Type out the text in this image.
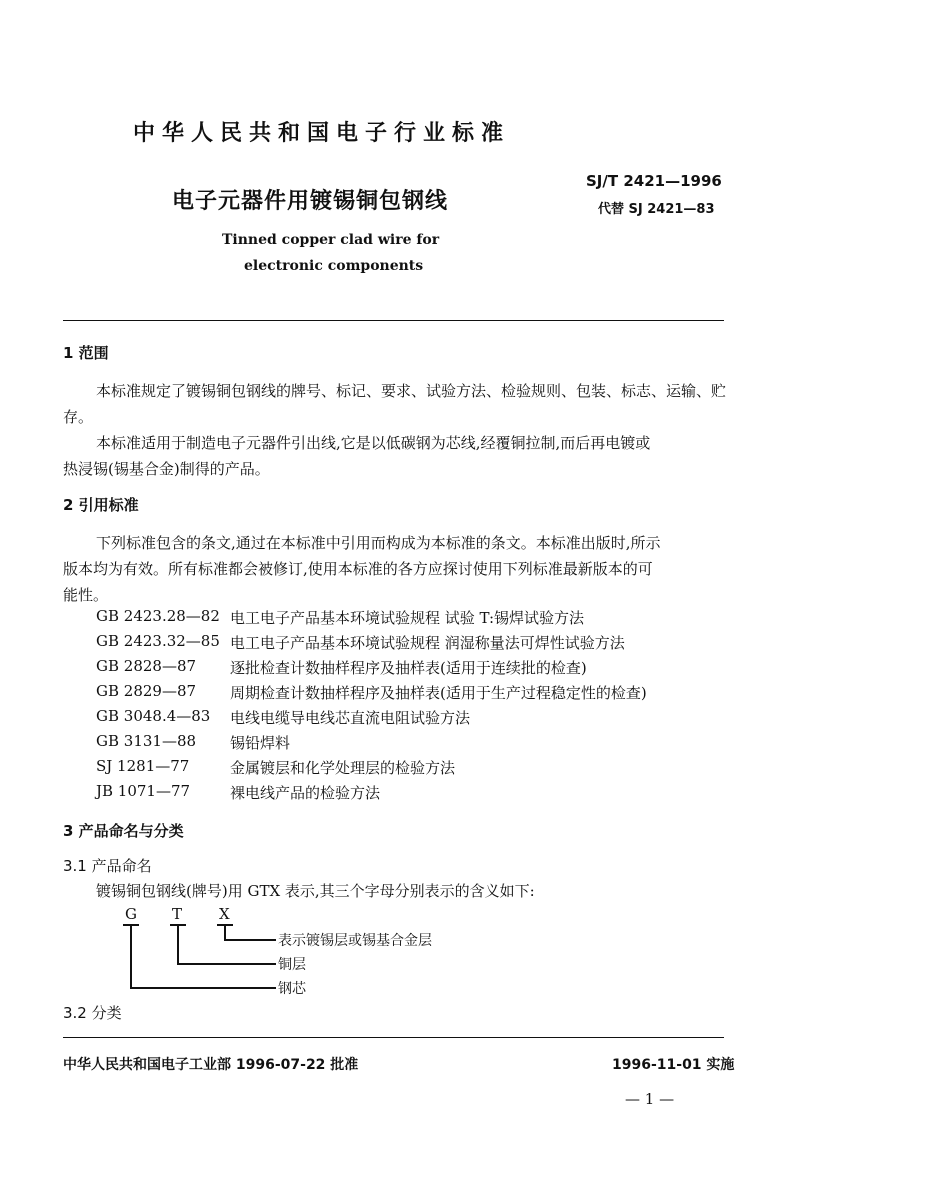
中华人民共和国电子行业标准
电子元器件用镀锡铜包钢线
SJ/T 2421—1996
代替 SJ 2421—83
Tinned copper clad wire for
electronic components
1 范围
本标准规定了镀锡铜包钢线的牌号、标记、要求、试验方法、检验规则、包装、标志、运输、贮
存。
本标准适用于制造电子元器件引出线,它是以低碳钢为芯线,经覆铜拉制,而后再电镀或
热浸锡(锡基合金)制得的产品。
2 引用标准
下列标准包含的条文,通过在本标准中引用而构成为本标准的条文。本标准出版时,所示
版本均为有效。所有标准都会被修订,使用本标准的各方应探讨使用下列标准最新版本的可
能性。
GB 2423.28—82 电工电子产品基本环境试验规程 试验 T:锡焊试验方法
GB 2423.32—85 电工电子产品基本环境试验规程 润湿称量法可焊性试验方法
GB 2828—87 逐批检查计数抽样程序及抽样表(适用于连续批的检查)
GB 2829—87 周期检查计数抽样程序及抽样表(适用于生产过程稳定性的检查)
GB 3048.4—83 电线电缆导电线芯直流电阻试验方法
GB 3131—88 锡铅焊料
SJ 1281—77	金属镀层和化学处理层的检验方法
JB 1071—77	裸电线产品的检验方法
3 产品命名与分类
3.1 产品命名
镀锡铜包钢线(牌号)用 GTX 表示,其三个字母分别表示的含义如下:
G T X
表示镀锡层或锡基合金层
铜层
钢芯
3.2 分类
中华人民共和国电子工业部 1996-07-22 批准	1996-11-01 实施
— 1 —
